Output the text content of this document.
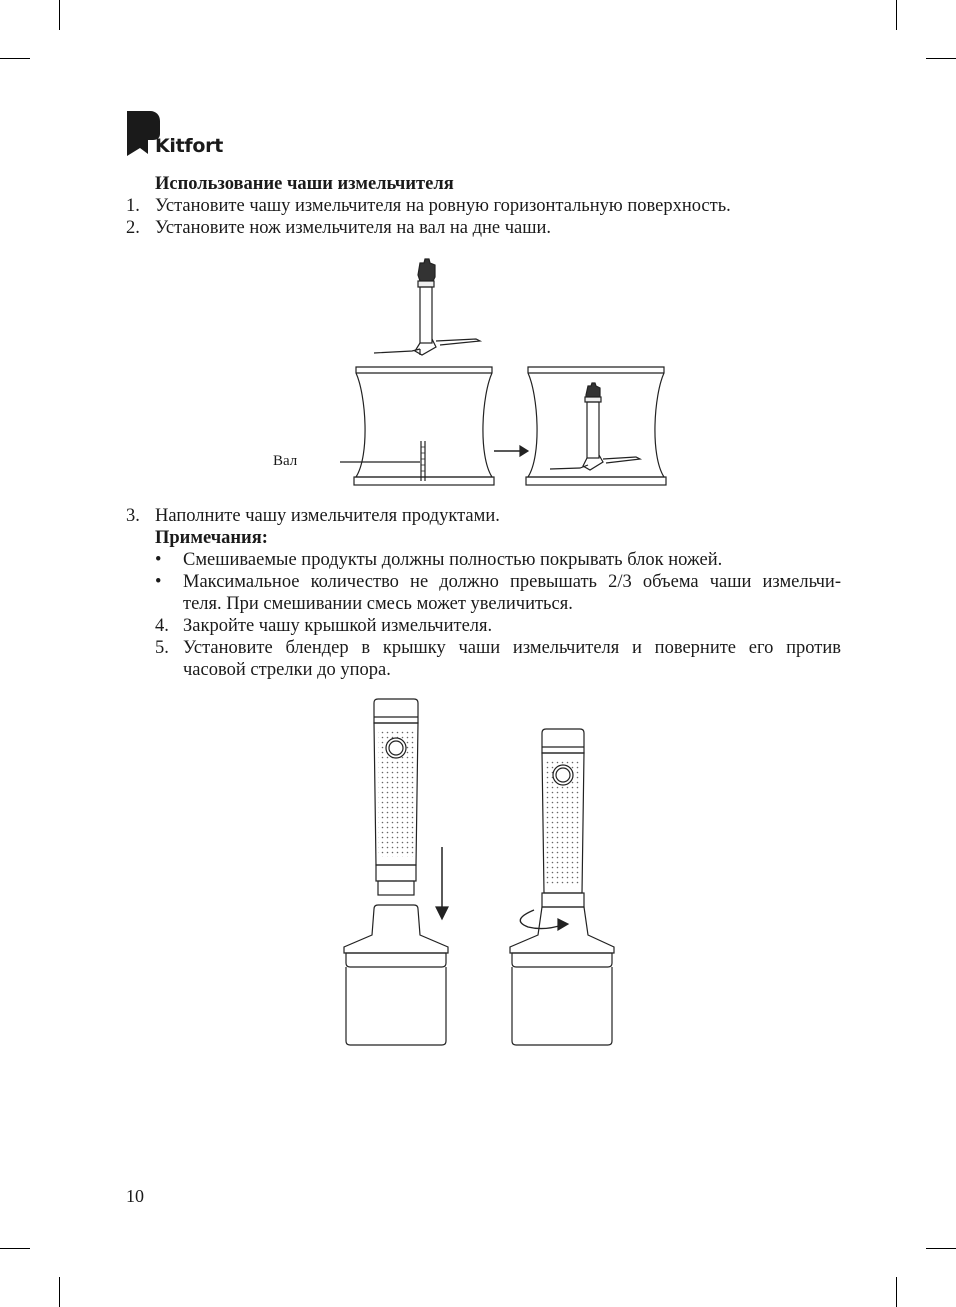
Kitfort
Использование чаши измельчителя
1. Установите чашу измельчителя на ровную горизонтальную поверхность.
2. Установите нож измельчителя на вал на дне чаши.
Вал
3. Наполните чашу измельчителя продуктами.
Примечания:
• Смешиваемые продукты должны полностью покрывать блок ножей.
• Максимальное количество не должно превышать 2/3 объема чаши измельчи-
теля. При смешивании смесь может увеличиться.
4. Закройте чашу крышкой измельчителя.
5. Установите блендер в крышку чаши измельчителя и поверните его против
часовой стрелки до упора.
10
